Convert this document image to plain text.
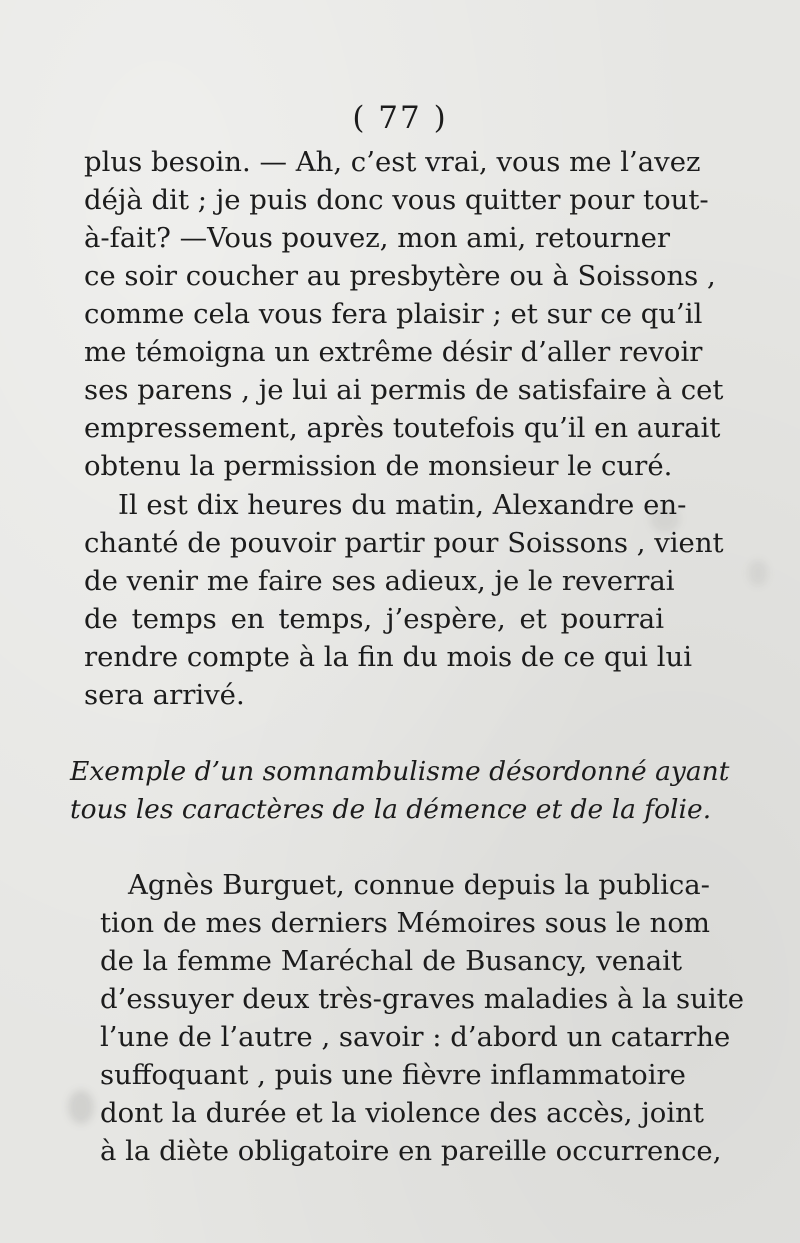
( 77 )
plus besoin. — Ah, c’est vrai, vous me l’avez
déjà dit ; je puis donc vous quitter pour tout-
à-fait? —Vous pouvez, mon ami, retourner
ce soir coucher au presbytère ou à Soissons ,
comme cela vous fera plaisir ; et sur ce qu’il
me témoigna un extrême désir d’aller revoir
ses parens , je lui ai permis de satisfaire à cet
empressement, après toutefois qu’il en aurait
obtenu la permission de monsieur le curé.
Il est dix heures du matin, Alexandre en-
chanté de pouvoir partir pour Soissons , vient
de venir me faire ses adieux, je le reverrai
de temps en temps, j’espère, et pourrai
rendre compte à la fin du mois de ce qui lui
sera arrivé.
Exemple d’un somnambulisme désordonné ayant
tous les caractères de la démence et de la folie.
Agnès Burguet, connue depuis la publica-
tion de mes derniers Mémoires sous le nom
de la femme Maréchal de Busancy, venait
d’essuyer deux très-graves maladies à la suite
l’une de l’autre , savoir : d’abord un catarrhe
suffoquant , puis une fièvre inflammatoire
dont la durée et la violence des accès, joint
à la diète obligatoire en pareille occurrence,
